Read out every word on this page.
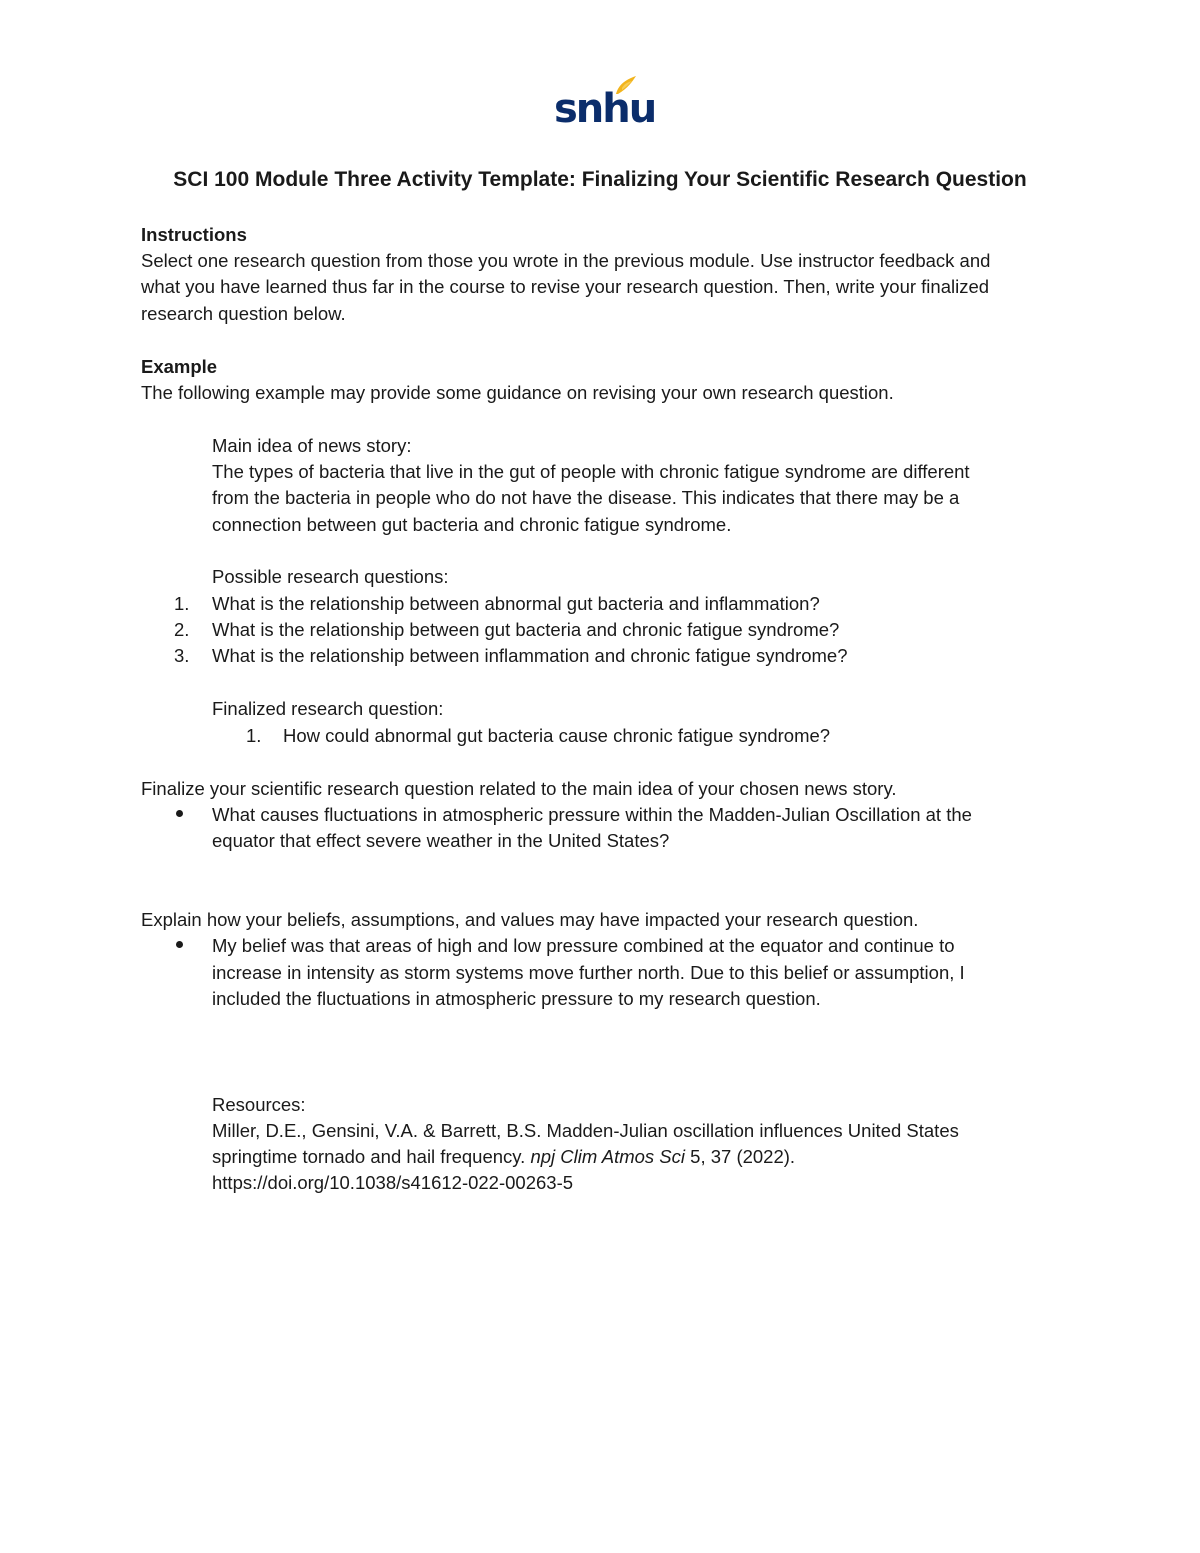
snhu
SCI 100 Module Three Activity Template: Finalizing Your Scientific Research Question
Instructions
Select one research question from those you wrote in the previous module. Use instructor feedback and
what you have learned thus far in the course to revise your research question. Then, write your finalized
research question below.
Example
The following example may provide some guidance on revising your own research question.
Main idea of news story:
The types of bacteria that live in the gut of people with chronic fatigue syndrome are different
from the bacteria in people who do not have the disease. This indicates that there may be a
connection between gut bacteria and chronic fatigue syndrome.
Possible research questions:
1. What is the relationship between abnormal gut bacteria and inflammation?
2. What is the relationship between gut bacteria and chronic fatigue syndrome?
3. What is the relationship between inflammation and chronic fatigue syndrome?
Finalized research question:
1. How could abnormal gut bacteria cause chronic fatigue syndrome?
Finalize your scientific research question related to the main idea of your chosen news story.
What causes fluctuations in atmospheric pressure within the Madden-Julian Oscillation at the
equator that effect severe weather in the United States?
Explain how your beliefs, assumptions, and values may have impacted your research question.
My belief was that areas of high and low pressure combined at the equator and continue to
increase in intensity as storm systems move further north. Due to this belief or assumption, I
included the fluctuations in atmospheric pressure to my research question.
Resources:
Miller, D.E., Gensini, V.A. & Barrett, B.S. Madden-Julian oscillation influences United States
springtime tornado and hail frequency. npj Clim Atmos Sci 5, 37 (2022).
https://doi.org/10.1038/s41612-022-00263-5
